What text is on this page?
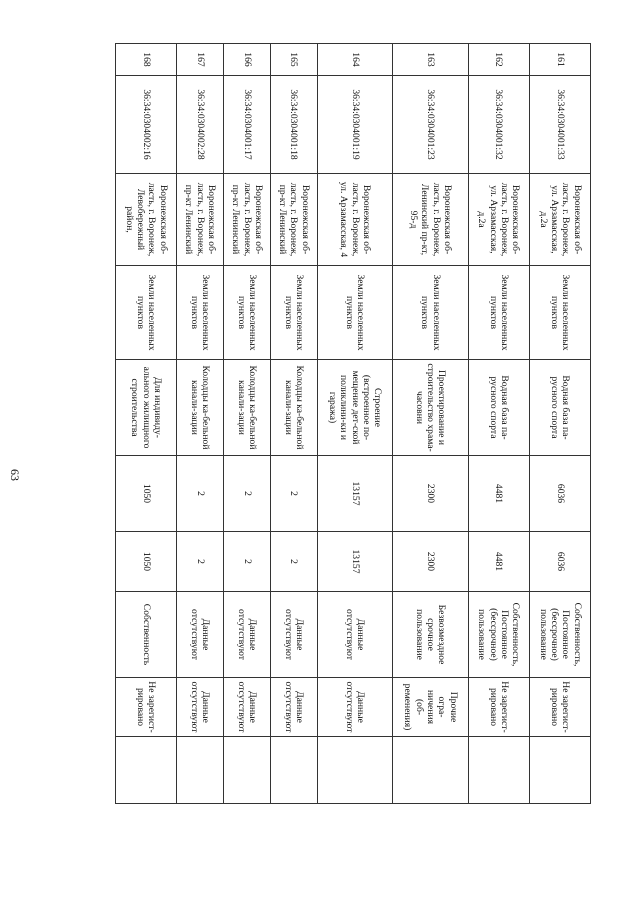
63
161	36:34:0304001:33	Воронежская об-ласть, г. Воронеж, ул. Арзамасская, д.2а	Земли населенных пунктов	Водная база па-русного спорта	6036	6036	Собственность, Постоянное (бессрочное) пользование	Не зарегист-рировано	
162	36:34:0304001:32	Воронежская об-ласть, г. Воронеж, ул. Арзамасская, д.2а	Земли населенных пунктов	Водная база па-русного спорта	4481	4481	Собственность, Постоянное (бессрочное) пользование	Не зарегист-рировано	
163	36:34:0304001:23	Воронежская об-ласть, г. Воронеж, Ленинский пр-кт, 95-д	Земли населенных пунктов	Проектирование и строительство храма-часовни	2300	2300	Безвозмездное срочное пользование	Прочие огра-ничения (об-ременения)	
164	36:34:0304001:19	Воронежская об-ласть, г. Воронеж, ул. Арзамасская, 4	Земли населенных пунктов	Строение (встроенное по-мещение дет-ской поликлини-ки и гаража)	13157	13157	Данные отсутствуют	Данные отсутствуют	
165	36:34:0304001:18	Воронежская об-ласть, г. Воронеж, пр-кт Ленинский	Земли населенных пунктов	Колодцы ка-бельной канали-зации	2	2	Данные отсутствуют	Данные отсутствуют	
166	36:34:0304001:17	Воронежская об-ласть, г. Воронеж, пр-кт Ленинский	Земли населенных пунктов	Колодцы ка-бельной канали-зации	2	2	Данные отсутствуют	Данные отсутствуют	
167	36:34:0304002:28	Воронежская об-ласть, г. Воронеж, пр-кт Ленинский	Земли населенных пунктов	Колодцы ка-бельной канали-зации	2	2	Данные отсутствуют	Данные отсутствуют	
168	36:34:0304002:16	Воронежская об-ласть, г. Воронеж, Левобережный район,	Земли населенных пунктов	Для индивиду-ального жилищного строительства	1050	1050	Собственность	Не зарегист-рировано	
